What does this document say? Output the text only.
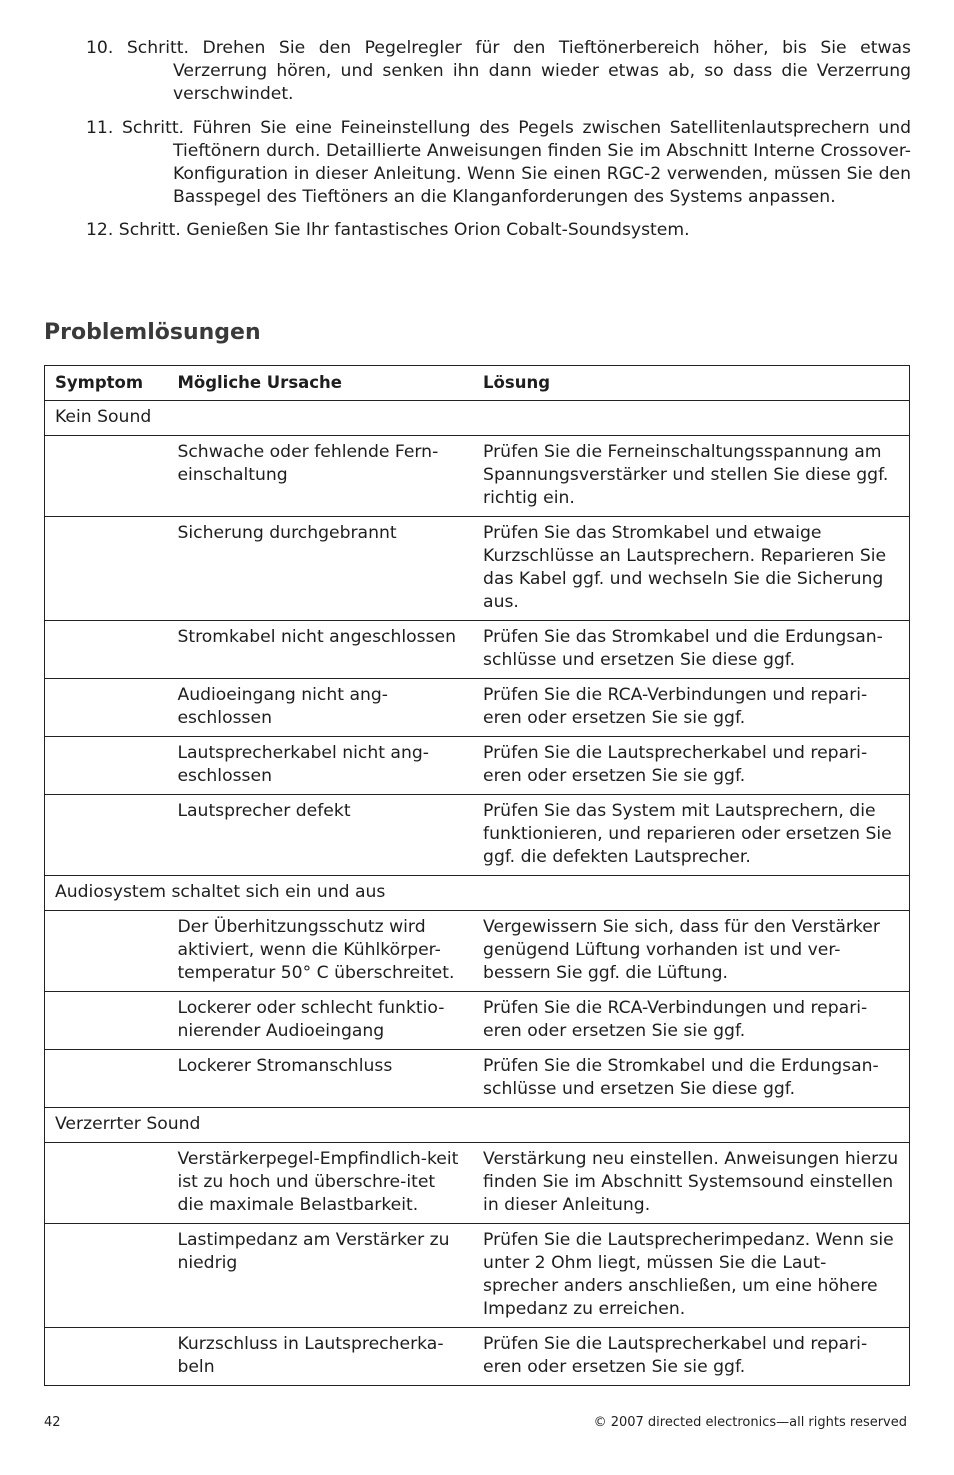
10. Schritt. Drehen Sie den Pegelregler für den Tieftönerbereich höher, bis Sie etwas Verzerrung hören, und senken ihn dann wieder etwas ab, so dass die Verzerrung verschwindet.

11. Schritt. Führen Sie eine Feineinstellung des Pegels zwischen Satellitenlautsprechern und Tieftönern durch. Detaillierte Anweisungen finden Sie im Abschnitt Interne Crossover-Konfiguration in dieser Anleitung. Wenn Sie einen RGC-2 verwenden, müssen Sie den Basspegel des Tieftöners an die Klanganforderungen des Systems anpassen.

12. Schritt. Genießen Sie Ihr fantastisches Orion Cobalt-Soundsystem.

Problemlösungen
Symptom	Mögliche Ursache	Lösung
Kein Sound		
	Schwache oder fehlende Fern-einschaltung	Prüfen Sie die Ferneinschaltungsspannung am Spannungsverstärker und stellen Sie diese ggf. richtig ein.
	Sicherung durchgebrannt	Prüfen Sie das Stromkabel und etwaige Kurzschlüsse an Lautsprechern. Reparieren Sie das Kabel ggf. und wechseln Sie die Sicherung aus.
	Stromkabel nicht angeschlossen	Prüfen Sie das Stromkabel und die Erdungsan-schlüsse und ersetzen Sie diese ggf.
	Audioeingang nicht ang-eschlossen	Prüfen Sie die RCA-Verbindungen und repari-eren oder ersetzen Sie sie ggf.
	Lautsprecherkabel nicht ang-eschlossen	Prüfen Sie die Lautsprecherkabel und repari-eren oder ersetzen Sie sie ggf.
	Lautsprecher defekt	Prüfen Sie das System mit Lautsprechern, die funktionieren, und reparieren oder ersetzen Sie ggf. die defekten Lautsprecher.
Audiosystem schaltet sich ein und aus		
	Der Überhitzungsschutz wird aktiviert, wenn die Kühlkörper-temperatur 50° C überschreitet.	Vergewissern Sie sich, dass für den Verstärker genügend Lüftung vorhanden ist und ver-bessern Sie ggf. die Lüftung.
	Lockerer oder schlecht funktio-nierender Audioeingang	Prüfen Sie die RCA-Verbindungen und repari-eren oder ersetzen Sie sie ggf.
	Lockerer Stromanschluss	Prüfen Sie die Stromkabel und die Erdungsan-schlüsse und ersetzen Sie diese ggf.
Verzerrter Sound		
	Verstärkerpegel-Empfindlich-keit ist zu hoch und überschre-itet die maximale Belastbarkeit.	Verstärkung neu einstellen. Anweisungen hierzu finden Sie im Abschnitt Systemsound einstellen in dieser Anleitung.
	Lastimpedanz am Verstärker zu niedrig	Prüfen Sie die Lautsprecherimpedanz. Wenn sie unter 2 Ohm liegt, müssen Sie die Laut-sprecher anders anschließen, um eine höhere Impedanz zu erreichen.
	Kurzschluss in Lautsprecherka-beln	Prüfen Sie die Lautsprecherkabel und repari-eren oder ersetzen Sie sie ggf.
42	© 2007 directed electronics—all rights reserved
